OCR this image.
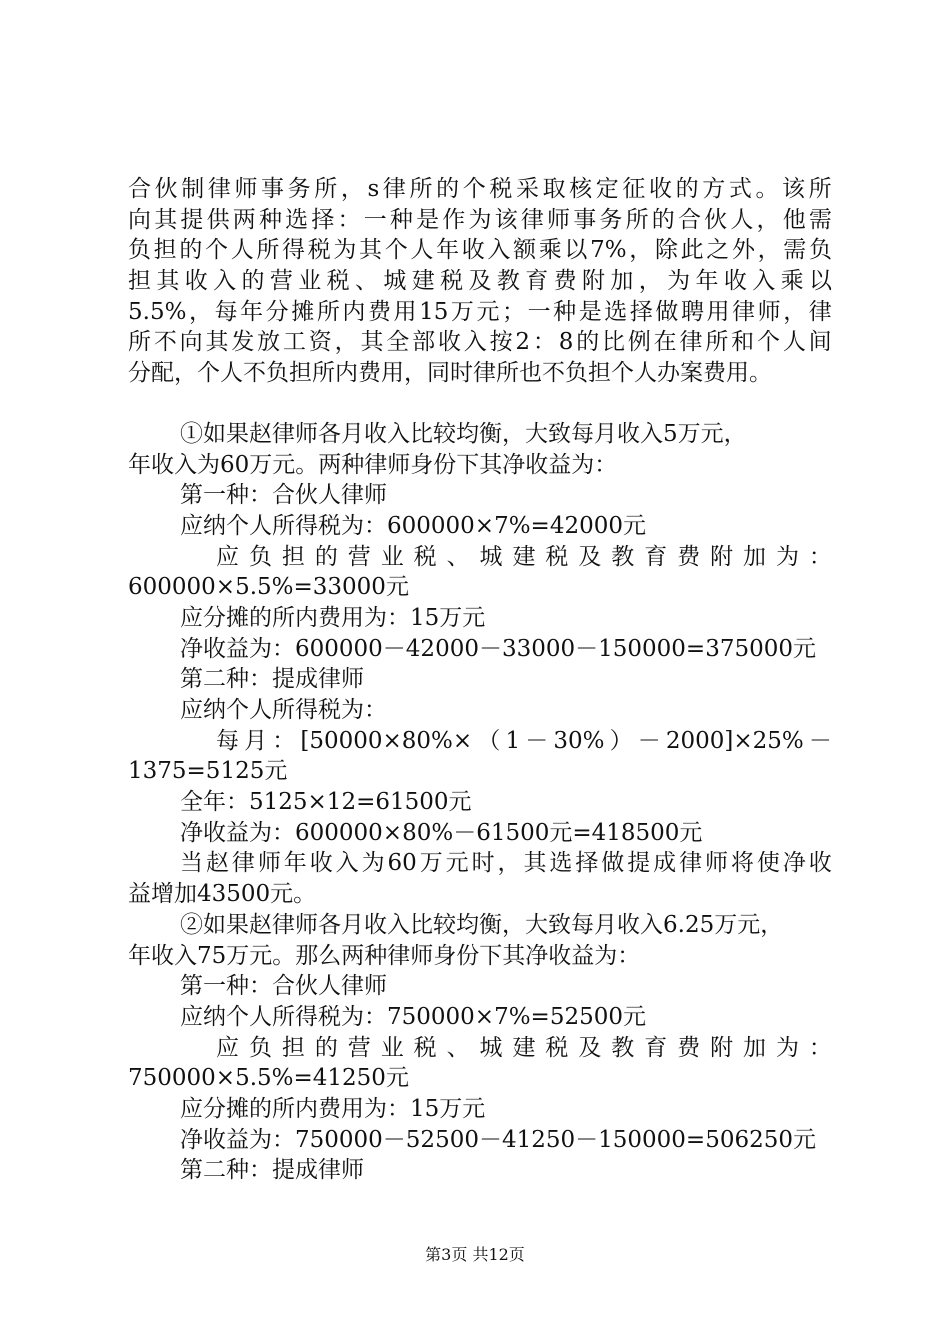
合 伙 制 律 师 事 务 所 ， s 律 所 的 个 税 采 取 核 定 征 收 的 方 式 。 该 所
向 其 提 供 两 种 选 择 ： 一 种 是 作 为 该 律 师 事 务 所 的 合 伙 人 ， 他 需
负 担 的 个 人 所 得 税 为 其 个 人 年 收 入 额 乘 以 7% ， 除 此 之 外 ， 需 负
担 其 收 入 的 营 业 税 、 城 建 税 及 教 育 费 附 加 ， 为 年 收 入 乘 以
5.5% ， 每 年 分 摊 所 内 费 用 15 万 元 ； 一 种 是 选 择 做 聘 用 律 师 ， 律
所 不 向 其 发 放 工 资 ， 其 全 部 收 入 按 2 ： 8 的 比 例 在 律 所 和 个 人 间
分配，个人不负担所内费用，同时律所也不负担个人办案费用。
①如果赵律师各月收入比较均衡，大致每月收入5万元，
年收入为60万元。两种律师身份下其净收益为：
第一种：合伙人律师
应纳个人所得税为：600000×7%=42000元
应 负 担 的 营 业 税 、 城 建 税 及 教 育 费 附 加 为 ：
600000×5.5%=33000元
应分摊的所内费用为：15万元
净收益为：600000－42000－33000－150000=375000元
第二种：提成律师
应纳个人所得税为：
每 月 ： [50000×80%× （ 1 － 30% ） － 2000]×25% －
1375=5125元
全年：5125×12=61500元
净收益为：600000×80%－61500元=418500元
当 赵 律 师 年 收 入 为 60 万 元 时 ， 其 选 择 做 提 成 律 师 将 使 净 收
益增加43500元。
②如果赵律师各月收入比较均衡，大致每月收入6.25万元，
年收入75万元。那么两种律师身份下其净收益为：
第一种：合伙人律师
应纳个人所得税为：750000×7%=52500元
应 负 担 的 营 业 税 、 城 建 税 及 教 育 费 附 加 为 ：
750000×5.5%=41250元
应分摊的所内费用为：15万元
净收益为：750000－52500－41250－150000=506250元
第二种：提成律师
第3页 共12页
